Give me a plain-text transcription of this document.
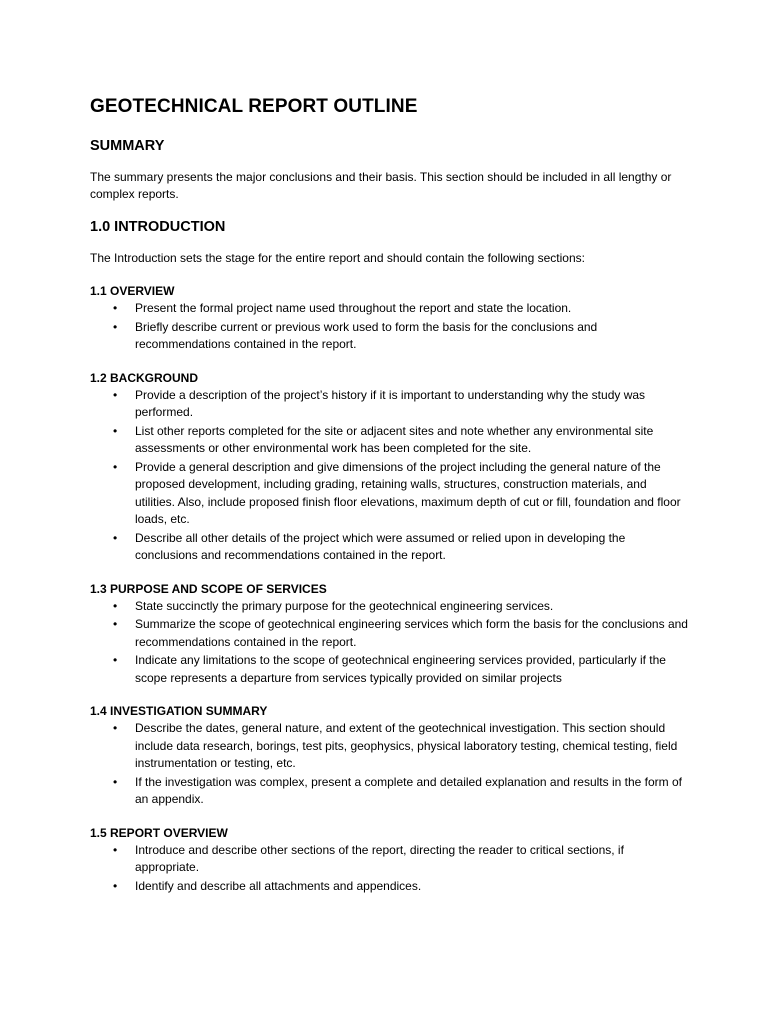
GEOTECHNICAL REPORT OUTLINE
SUMMARY

The summary presents the major conclusions and their basis. This section should be included in all lengthy or complex reports.

1.0 INTRODUCTION

The Introduction sets the stage for the entire report and should contain the following sections:

1.1 OVERVIEW
• Present the formal project name used throughout the report and state the location.
• Briefly describe current or previous work used to form the basis for the conclusions and recommendations contained in the report.
1.2 BACKGROUND
• Provide a description of the project’s history if it is important to understanding why the study was performed.
• List other reports completed for the site or adjacent sites and note whether any environmental site assessments or other environmental work has been completed for the site.
• Provide a general description and give dimensions of the project including the general nature of the proposed development, including grading, retaining walls, structures, construction materials, and utilities. Also, include proposed finish floor elevations, maximum depth of cut or fill, foundation and floor loads, etc.
• Describe all other details of the project which were assumed or relied upon in developing the conclusions and recommendations contained in the report.
1.3 PURPOSE AND SCOPE OF SERVICES
• State succinctly the primary purpose for the geotechnical engineering services.
• Summarize the scope of geotechnical engineering services which form the basis for the conclusions and recommendations contained in the report.
• Indicate any limitations to the scope of geotechnical engineering services provided, particularly if the scope represents a departure from services typically provided on similar projects
1.4 INVESTIGATION SUMMARY
• Describe the dates, general nature, and extent of the geotechnical investigation. This section should include data research, borings, test pits, geophysics, physical laboratory testing, chemical testing, field instrumentation or testing, etc.
• If the investigation was complex, present a complete and detailed explanation and results in the form of an appendix.
1.5 REPORT OVERVIEW
• Introduce and describe other sections of the report, directing the reader to critical sections, if appropriate.
• Identify and describe all attachments and appendices.
